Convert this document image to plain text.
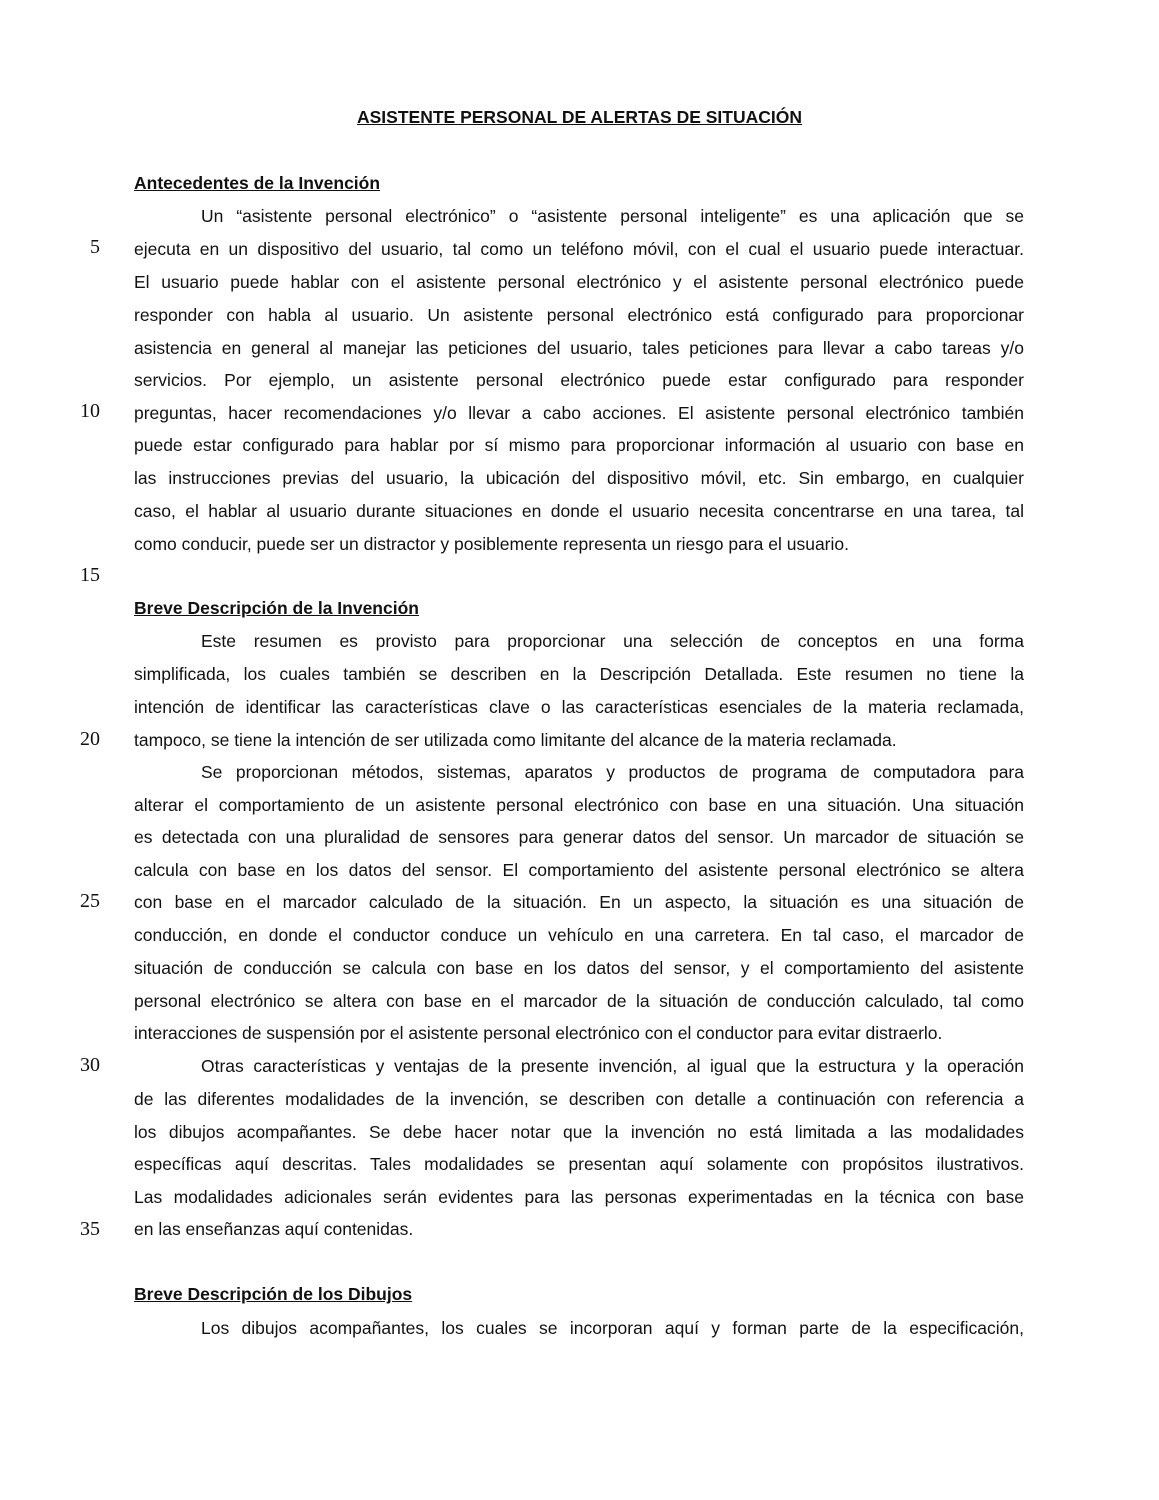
ASISTENTE PERSONAL DE ALERTAS DE SITUACIÓN
Antecedentes de la Invención
5
10
15
20
25
30
35
Un “asistente personal electrónico” o “asistente personal inteligente” es una aplicación que se
ejecuta en un dispositivo del usuario, tal como un teléfono móvil, con el cual el usuario puede interactuar.
El usuario puede hablar con el asistente personal electrónico y el asistente personal electrónico puede
responder con habla al usuario. Un asistente personal electrónico está configurado para proporcionar
asistencia en general al manejar las peticiones del usuario, tales peticiones para llevar a cabo tareas y/o
servicios. Por ejemplo, un asistente personal electrónico puede estar configurado para responder
preguntas, hacer recomendaciones y/o llevar a cabo acciones. El asistente personal electrónico también
puede estar configurado para hablar por sí mismo para proporcionar información al usuario con base en
las instrucciones previas del usuario, la ubicación del dispositivo móvil, etc. Sin embargo, en cualquier
caso, el hablar al usuario durante situaciones en donde el usuario necesita concentrarse en una tarea, tal
como conducir, puede ser un distractor y posiblemente representa un riesgo para el usuario.
Breve Descripción de la Invención
Este resumen es provisto para proporcionar una selección de conceptos en una forma
simplificada, los cuales también se describen en la Descripción Detallada. Este resumen no tiene la
intención de identificar las características clave o las características esenciales de la materia reclamada,
tampoco, se tiene la intención de ser utilizada como limitante del alcance de la materia reclamada.
Se proporcionan métodos, sistemas, aparatos y productos de programa de computadora para
alterar el comportamiento de un asistente personal electrónico con base en una situación. Una situación
es detectada con una pluralidad de sensores para generar datos del sensor. Un marcador de situación se
calcula con base en los datos del sensor. El comportamiento del asistente personal electrónico se altera
con base en el marcador calculado de la situación. En un aspecto, la situación es una situación de
conducción, en donde el conductor conduce un vehículo en una carretera. En tal caso, el marcador de
situación de conducción se calcula con base en los datos del sensor, y el comportamiento del asistente
personal electrónico se altera con base en el marcador de la situación de conducción calculado, tal como
interacciones de suspensión por el asistente personal electrónico con el conductor para evitar distraerlo.
Otras características y ventajas de la presente invención, al igual que la estructura y la operación
de las diferentes modalidades de la invención, se describen con detalle a continuación con referencia a
los dibujos acompañantes. Se debe hacer notar que la invención no está limitada a las modalidades
específicas aquí descritas. Tales modalidades se presentan aquí solamente con propósitos ilustrativos.
Las modalidades adicionales serán evidentes para las personas experimentadas en la técnica con base
en las enseñanzas aquí contenidas.
Breve Descripción de los Dibujos
Los dibujos acompañantes, los cuales se incorporan aquí y forman parte de la especificación,
